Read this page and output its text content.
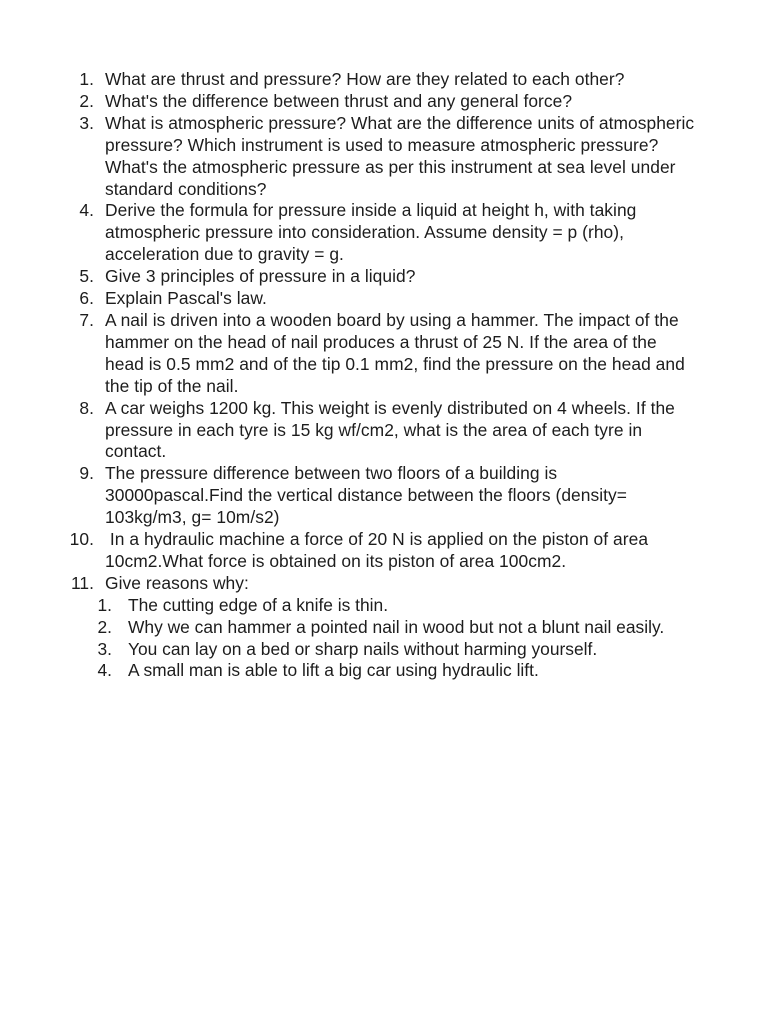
1. What are thrust and pressure? How are they related to each other?
2. What's the difference between thrust and any general force?
3. What is atmospheric pressure? What are the difference units of atmospheric pressure? Which instrument is used to measure atmospheric pressure? What's the atmospheric pressure as per this instrument at sea level under standard conditions?
4. Derive the formula for pressure inside a liquid at height h, with taking atmospheric pressure into consideration. Assume density = p (rho), acceleration due to gravity = g.
5. Give 3 principles of pressure in a liquid?
6. Explain Pascal's law.
7. A nail is driven into a wooden board by using a hammer. The impact of the hammer on the head of nail produces a thrust of 25 N. If the area of the head is 0.5 mm2 and of the tip 0.1 mm2, find the pressure on the head and the tip of the nail.
8. A car weighs 1200 kg. This weight is evenly distributed on 4 wheels. If the pressure in each tyre is 15 kg wf/cm2, what is the area of each tyre in contact.
9. The pressure difference between two floors of a building is 30000pascal.Find the vertical distance between the floors (density= 103kg/m3, g= 10m/s2)
10. In a hydraulic machine a force of 20 N is applied on the piston of area 10cm2.What force is obtained on its piston of area 100cm2.
11. Give reasons why:
1. The cutting edge of a knife is thin.
2. Why we can hammer a pointed nail in wood but not a blunt nail easily.
3. You can lay on a bed or sharp nails without harming yourself.
4. A small man is able to lift a big car using hydraulic lift.
